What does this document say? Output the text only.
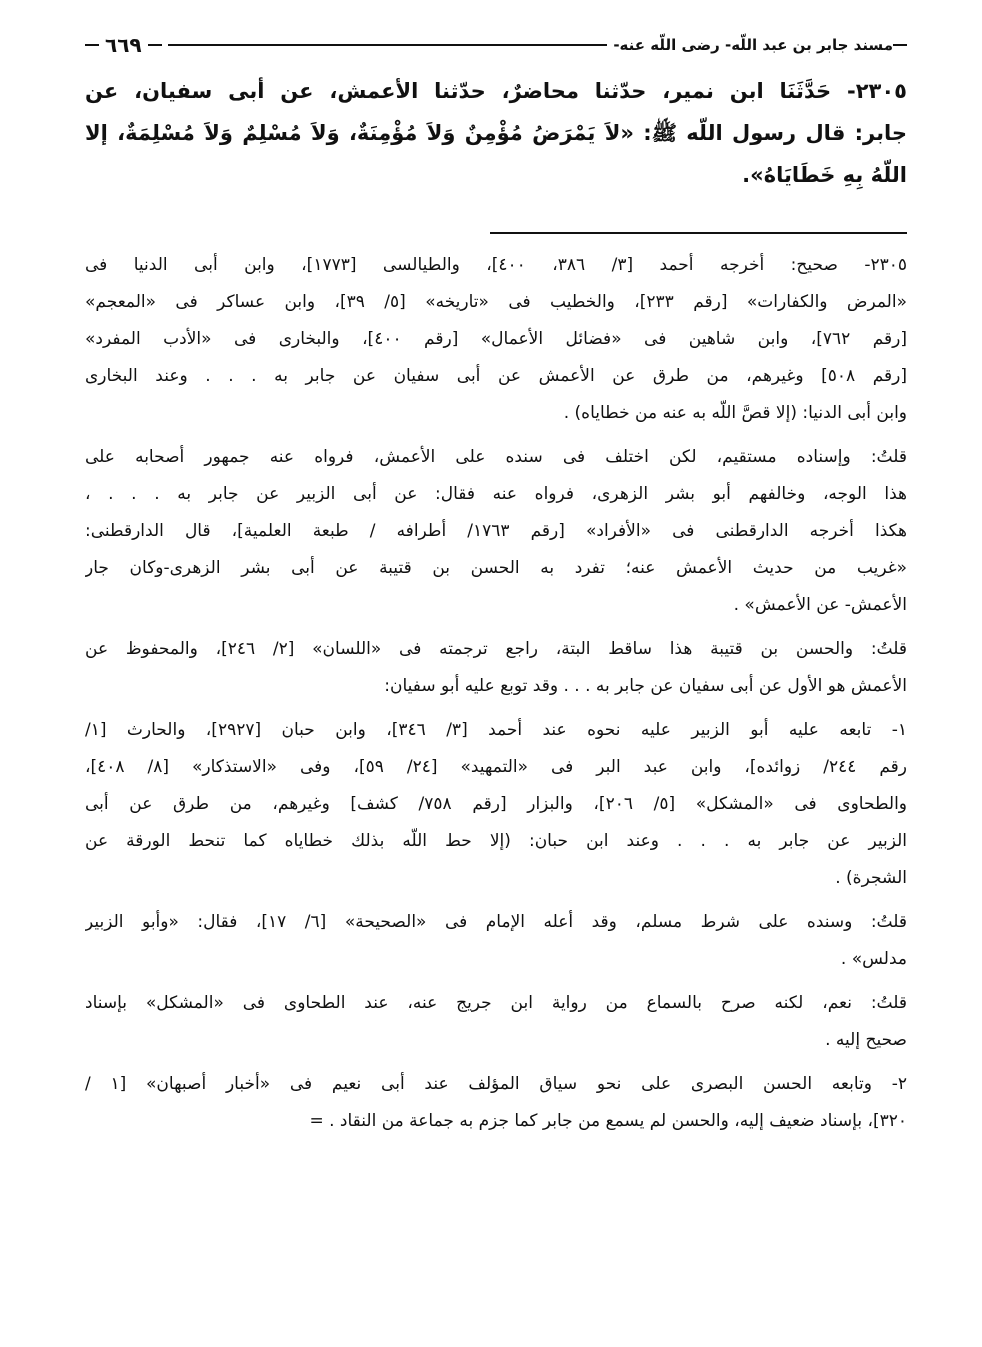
مسند جابر بن عبد اللّه- رضى اللّه عنه-
٦٦٩
٢٣٠٥- حَدَّثَنَا ابن نمير، حدّثنا محاضرٌ، حدّثنا الأعمش، عن أبى سفيان، عن
جابر: قال رسول اللّه ﷺ: «لاَ يَمْرَضُ مُؤْمِنٌ وَلاَ مُؤْمِنَةٌ، وَلاَ مُسْلِمٌ وَلاَ مُسْلِمَةٌ، إلا
اللّهُ بِهِ خَطَايَاهُ».
٢٣٠٥- صحيح: أخرجه أحمد [٣/ ٣٨٦، ٤٠٠]، والطيالسى [١٧٧٣]، وابن أبى الدنيا فى
«المرض والكفارات» [رقم ٢٣٣]، والخطيب فى «تاريخه» [٥/ ٣٩]، وابن عساكر فى «المعجم»
[رقم ٧٦٢]، وابن شاهين فى «فضائل الأعمال» [رقم ٤٠٠]، والبخارى فى «الأدب المفرد»
[رقم ٥٠٨] وغيرهم، من طرق عن الأعمش عن أبى سفيان عن جابر به . . . وعند البخارى
وابن أبى الدنيا: (إلا قصَّ اللّه به عنه من خطاياه) .
قلتُ: وإسناده مستقيم، لكن اختلف فى سنده على الأعمش، فرواه عنه جمهور أصحابه على
هذا الوجه، وخالفهم أبو بشر الزهرى، فرواه عنه فقال: عن أبى الزبير عن جابر به . . . ،
هكذا أخرجه الدارقطنى فى «الأفراد» [رقم ١٧٦٣/ أطرافه / طبعة العلمية]، قال الدارقطنى:
«غريب من حديث الأعمش عنه؛ تفرد به الحسن بن قتيبة عن أبى بشر الزهرى-وكان جار
الأعمش- عن الأعمش» .
قلتُ: والحسن بن قتيبة هذا ساقط البتة، راجع ترجمته فى «اللسان» [٢/ ٢٤٦]، والمحفوظ عن
الأعمش هو الأول عن أبى سفيان عن جابر به . . . وقد توبع عليه أبو سفيان:
١- تابعه عليه أبو الزبير عليه نحوه عند أحمد [٣/ ٣٤٦]، وابن حبان [٢٩٢٧]، والحارث [١/
رقم ٢٤٤/ زوائده]، وابن عبد البر فى «التمهيد» [٢٤/ ٥٩]، وفى «الاستذكار» [٨/ ٤٠٨]،
والطحاوى فى «المشكل» [٥/ ٢٠٦]، والبزار [رقم ٧٥٨/ كشف] وغيرهم، من طرق عن أبى
الزبير عن جابر به . . . وعند ابن حبان: (إلا حط اللّه بذلك خطاياه كما تنحط الورقة عن
الشجرة) .
قلتُ: وسنده على شرط مسلم، وقد أعله الإمام فى «الصحيحة» [٦/ ١٧]، فقال: «وأبو الزبير
مدلس» .
قلتُ: نعم، لكنه صرح بالسماع من رواية ابن جريج عنه، عند الطحاوى فى «المشكل» بإسناد
صحيح إليه .
٢- وتابعه الحسن البصرى على نحو سياق المؤلف عند أبى نعيم فى «أخبار أصبهان» [١ /
٣٢٠]، بإسناد ضعيف إليه، والحسن لم يسمع من جابر كما جزم به جماعة من النقاد . =
